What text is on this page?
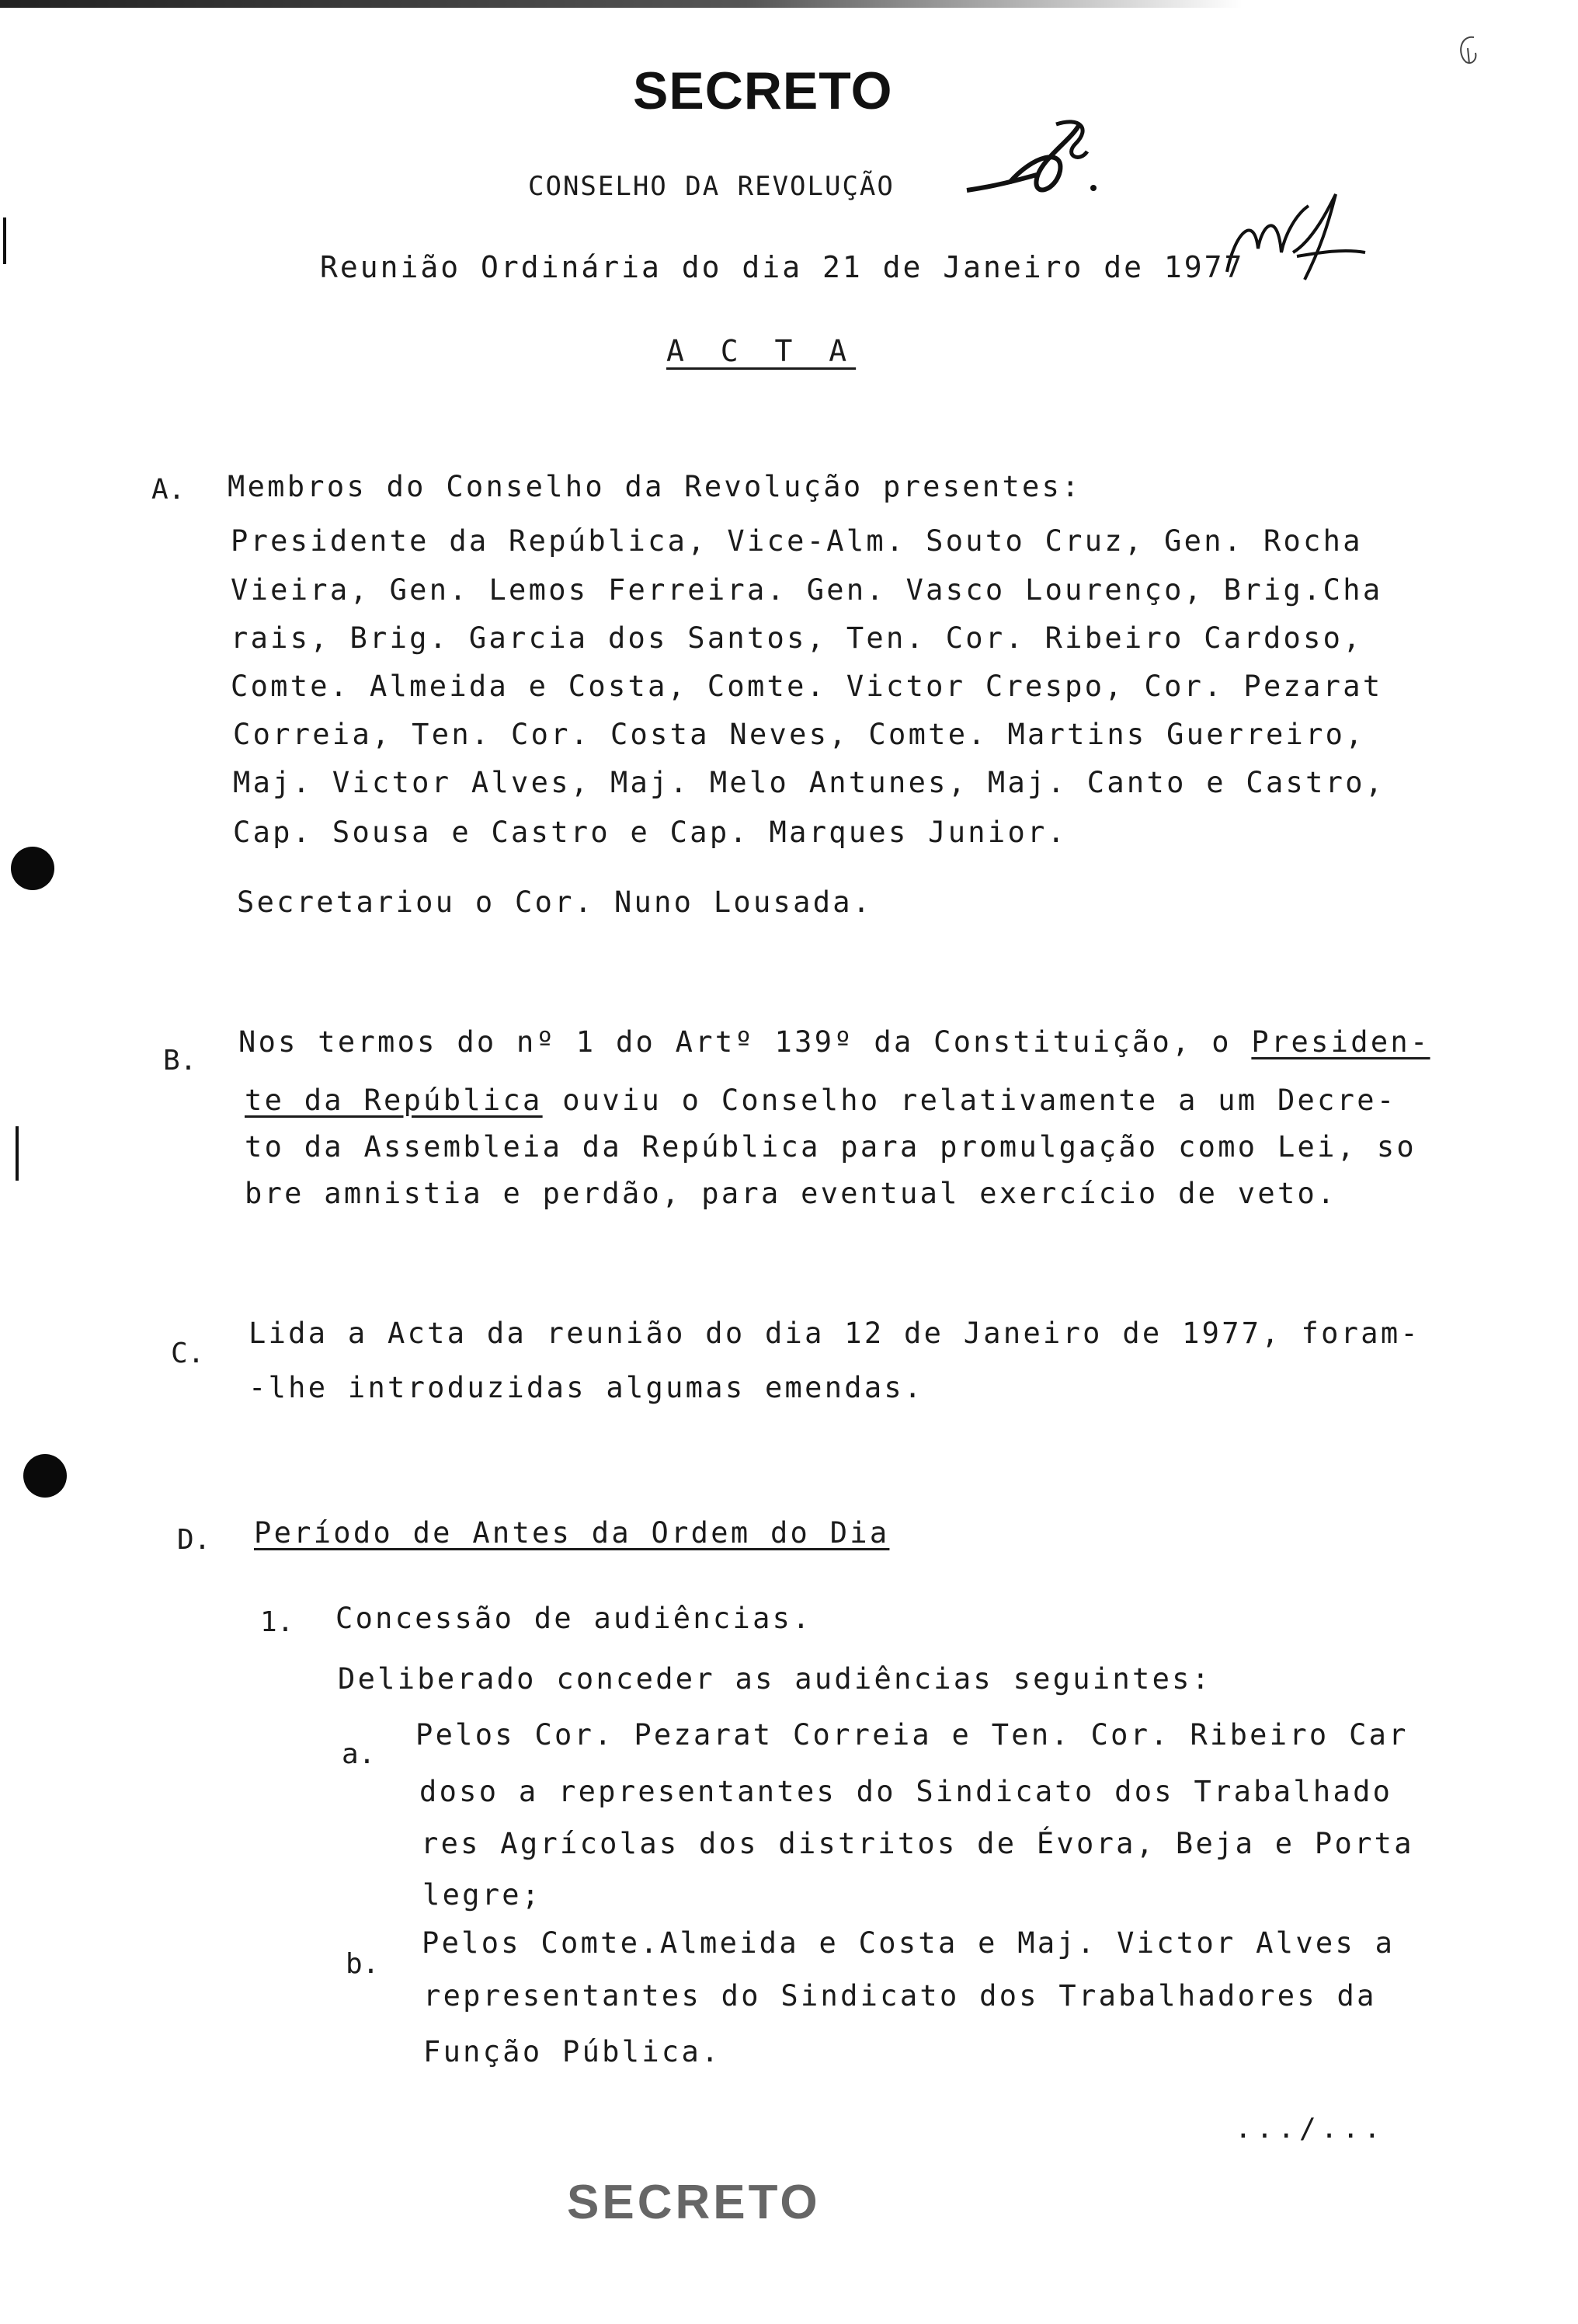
SECRETO
CONSELHO DA REVOLUÇÃO
Reunião Ordinária do dia 21 de Janeiro de 1977
A C T A
A. Membros do Conselho da Revolução presentes:
Presidente da República, Vice-Alm. Souto Cruz, Gen. Rocha
Vieira, Gen. Lemos Ferreira. Gen. Vasco Lourenço, Brig.Cha
rais, Brig. Garcia dos Santos, Ten. Cor. Ribeiro Cardoso,
Comte. Almeida e Costa, Comte. Victor Crespo, Cor. Pezarat
Correia, Ten. Cor. Costa Neves, Comte. Martins Guerreiro,
Maj. Victor Alves, Maj. Melo Antunes, Maj. Canto e Castro,
Cap. Sousa e Castro e Cap. Marques Junior.
Secretariou o Cor. Nuno Lousada.
B.
Nos termos do nº 1 do Artº 139º da Constituição, o Presiden-
te da República ouviu o Conselho relativamente a um Decre-
to da Assembleia da República para promulgação como Lei, so
bre amnistia e perdão, para eventual exercício de veto.
C.
Lida a Acta da reunião do dia 12 de Janeiro de 1977, foram-
-lhe introduzidas algumas emendas.
D. Período de Antes da Ordem do Dia
1. Concessão de audiências.
Deliberado conceder as audiências seguintes:
a.
Pelos Cor. Pezarat Correia e Ten. Cor. Ribeiro Car
doso a representantes do Sindicato dos Trabalhado
res Agrícolas dos distritos de Évora, Beja e Porta
legre;
b.
Pelos Comte.Almeida e Costa e Maj. Victor Alves a
representantes do Sindicato dos Trabalhadores da
Função Pública.
.../...
SECRETO
